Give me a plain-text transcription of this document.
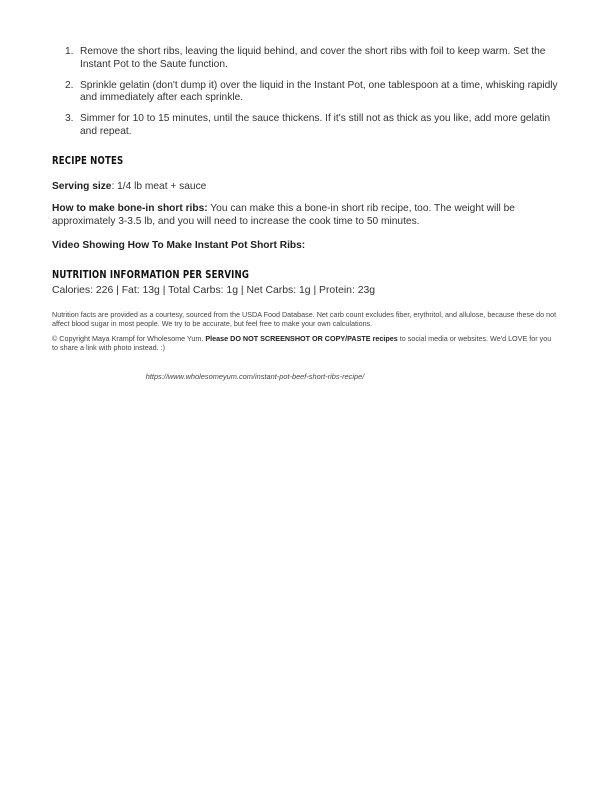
1. Remove the short ribs, leaving the liquid behind, and cover the short ribs with foil to keep warm. Set the Instant Pot to the Saute function.
2. Sprinkle gelatin (don't dump it) over the liquid in the Instant Pot, one tablespoon at a time, whisking rapidly and immediately after each sprinkle.
3. Simmer for 10 to 15 minutes, until the sauce thickens. If it's still not as thick as you like, add more gelatin and repeat.
RECIPE NOTES
Serving size: 1/4 lb meat + sauce
How to make bone-in short ribs: You can make this a bone-in short rib recipe, too. The weight will be approximately 3-3.5 lb, and you will need to increase the cook time to 50 minutes.
Video Showing How To Make Instant Pot Short Ribs:
NUTRITION INFORMATION PER SERVING
Calories: 226 | Fat: 13g | Total Carbs: 1g | Net Carbs: 1g | Protein: 23g
Nutrition facts are provided as a courtesy, sourced from the USDA Food Database. Net carb count excludes fiber, erythritol, and allulose, because these do not affect blood sugar in most people. We try to be accurate, but feel free to make your own calculations.
© Copyright Maya Krampf for Wholesome Yum. Please DO NOT SCREENSHOT OR COPY/PASTE recipes to social media or websites. We'd LOVE for you to share a link with photo instead. :)
https://www.wholesomeyum.com/instant-pot-beef-short-ribs-recipe/
